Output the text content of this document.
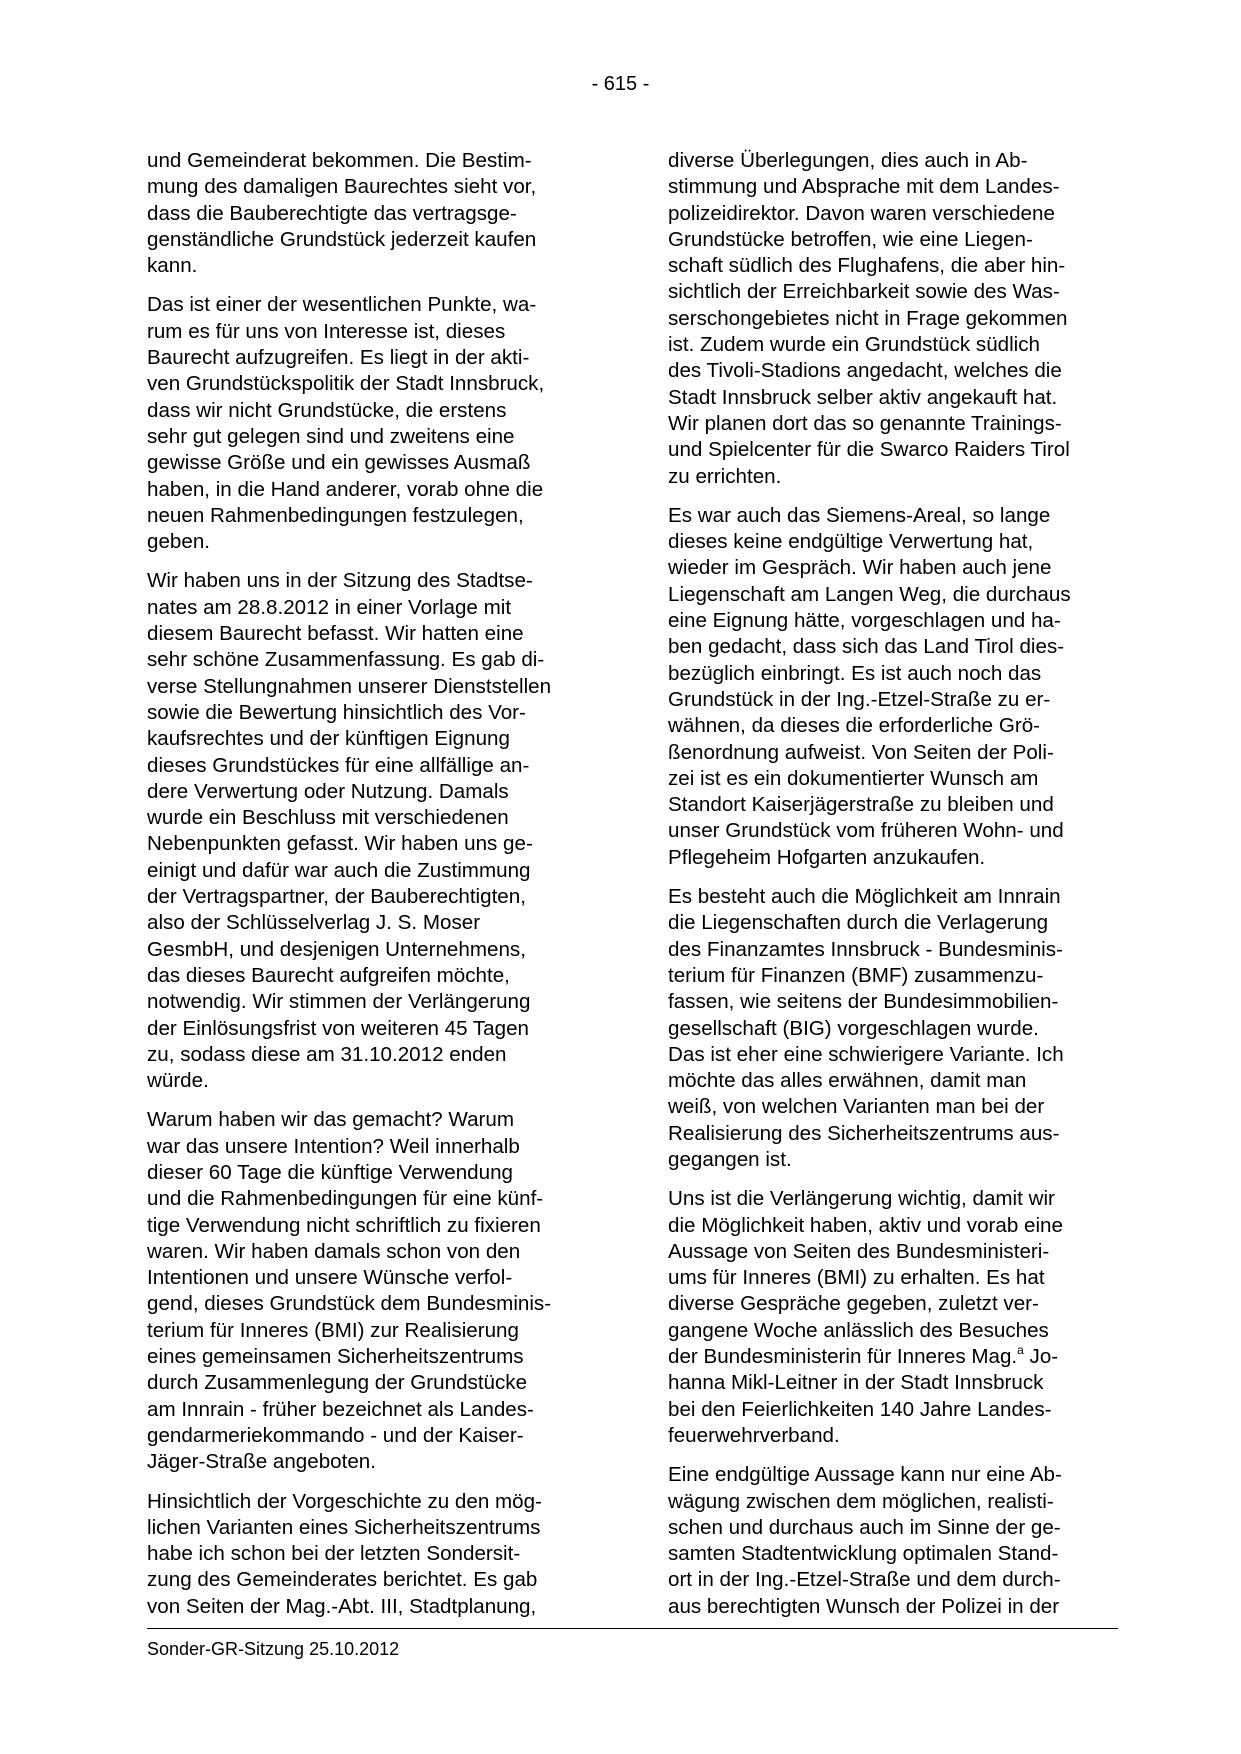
- 615 -

und Gemeinderat bekommen. Die Bestim-
mung des damaligen Baurechtes sieht vor,
dass die Bauberechtigte das vertragsge-
genständliche Grundstück jederzeit kaufen
kann.

Das ist einer der wesentlichen Punkte, wa-
rum es für uns von Interesse ist, dieses
Baurecht aufzugreifen. Es liegt in der akti-
ven Grundstückspolitik der Stadt Innsbruck,
dass wir nicht Grundstücke, die erstens
sehr gut gelegen sind und zweitens eine
gewisse Größe und ein gewisses Ausmaß
haben, in die Hand anderer, vorab ohne die
neuen Rahmenbedingungen festzulegen,
geben.

Wir haben uns in der Sitzung des Stadtse-
nates am 28.8.2012 in einer Vorlage mit
diesem Baurecht befasst. Wir hatten eine
sehr schöne Zusammenfassung. Es gab di-
verse Stellungnahmen unserer Dienststellen
sowie die Bewertung hinsichtlich des Vor-
kaufsrechtes und der künftigen Eignung
dieses Grundstückes für eine allfällige an-
dere Verwertung oder Nutzung. Damals
wurde ein Beschluss mit verschiedenen
Nebenpunkten gefasst. Wir haben uns ge-
einigt und dafür war auch die Zustimmung
der Vertragspartner, der Bauberechtigten,
also der Schlüsselverlag J. S. Moser
GesmbH, und desjenigen Unternehmens,
das dieses Baurecht aufgreifen möchte,
notwendig. Wir stimmen der Verlängerung
der Einlösungsfrist von weiteren 45 Tagen
zu, sodass diese am 31.10.2012 enden
würde.

Warum haben wir das gemacht? Warum
war das unsere Intention? Weil innerhalb
dieser 60 Tage die künftige Verwendung
und die Rahmenbedingungen für eine künf-
tige Verwendung nicht schriftlich zu fixieren
waren. Wir haben damals schon von den
Intentionen und unsere Wünsche verfol-
gend, dieses Grundstück dem Bundesminis-
terium für Inneres (BMI) zur Realisierung
eines gemeinsamen Sicherheitszentrums
durch Zusammenlegung der Grundstücke
am Innrain - früher bezeichnet als Landes-
gendarmeriekommando - und der Kaiser-
Jäger-Straße angeboten.

Hinsichtlich der Vorgeschichte zu den mög-
lichen Varianten eines Sicherheitszentrums
habe ich schon bei der letzten Sondersit-
zung des Gemeinderates berichtet. Es gab
von Seiten der Mag.-Abt. III, Stadtplanung,

diverse Überlegungen, dies auch in Ab-
stimmung und Absprache mit dem Landes-
polizeidirektor. Davon waren verschiedene
Grundstücke betroffen, wie eine Liegen-
schaft südlich des Flughafens, die aber hin-
sichtlich der Erreichbarkeit sowie des Was-
serschongebietes nicht in Frage gekommen
ist. Zudem wurde ein Grundstück südlich
des Tivoli-Stadions angedacht, welches die
Stadt Innsbruck selber aktiv angekauft hat.
Wir planen dort das so genannte Trainings-
und Spielcenter für die Swarco Raiders Tirol
zu errichten.

Es war auch das Siemens-Areal, so lange
dieses keine endgültige Verwertung hat,
wieder im Gespräch. Wir haben auch jene
Liegenschaft am Langen Weg, die durchaus
eine Eignung hätte, vorgeschlagen und ha-
ben gedacht, dass sich das Land Tirol dies-
bezüglich einbringt. Es ist auch noch das
Grundstück in der Ing.-Etzel-Straße zu er-
wähnen, da dieses die erforderliche Grö-
ßenordnung aufweist. Von Seiten der Poli-
zei ist es ein dokumentierter Wunsch am
Standort Kaiserjägerstraße zu bleiben und
unser Grundstück vom früheren Wohn- und
Pflegeheim Hofgarten anzukaufen.

Es besteht auch die Möglichkeit am Innrain
die Liegenschaften durch die Verlagerung
des Finanzamtes Innsbruck - Bundesminis-
terium für Finanzen (BMF) zusammenzu-
fassen, wie seitens der Bundesimmobilien-
gesellschaft (BIG) vorgeschlagen wurde.
Das ist eher eine schwierigere Variante. Ich
möchte das alles erwähnen, damit man
weiß, von welchen Varianten man bei der
Realisierung des Sicherheitszentrums aus-
gegangen ist.

Uns ist die Verlängerung wichtig, damit wir
die Möglichkeit haben, aktiv und vorab eine
Aussage von Seiten des Bundesministeri-
ums für Inneres (BMI) zu erhalten. Es hat
diverse Gespräche gegeben, zuletzt ver-
gangene Woche anlässlich des Besuches
der Bundesministerin für Inneres Mag.$^a$ Jo-
hanna Mikl-Leitner in der Stadt Innsbruck
bei den Feierlichkeiten 140 Jahre Landes-
feuerwehrverband.

Eine endgültige Aussage kann nur eine Ab-
wägung zwischen dem möglichen, realisti-
schen und durchaus auch im Sinne der ge-
samten Stadtentwicklung optimalen Stand-
ort in der Ing.-Etzel-Straße und dem durch-
aus berechtigten Wunsch der Polizei in der

Sonder-GR-Sitzung 25.10.2012
